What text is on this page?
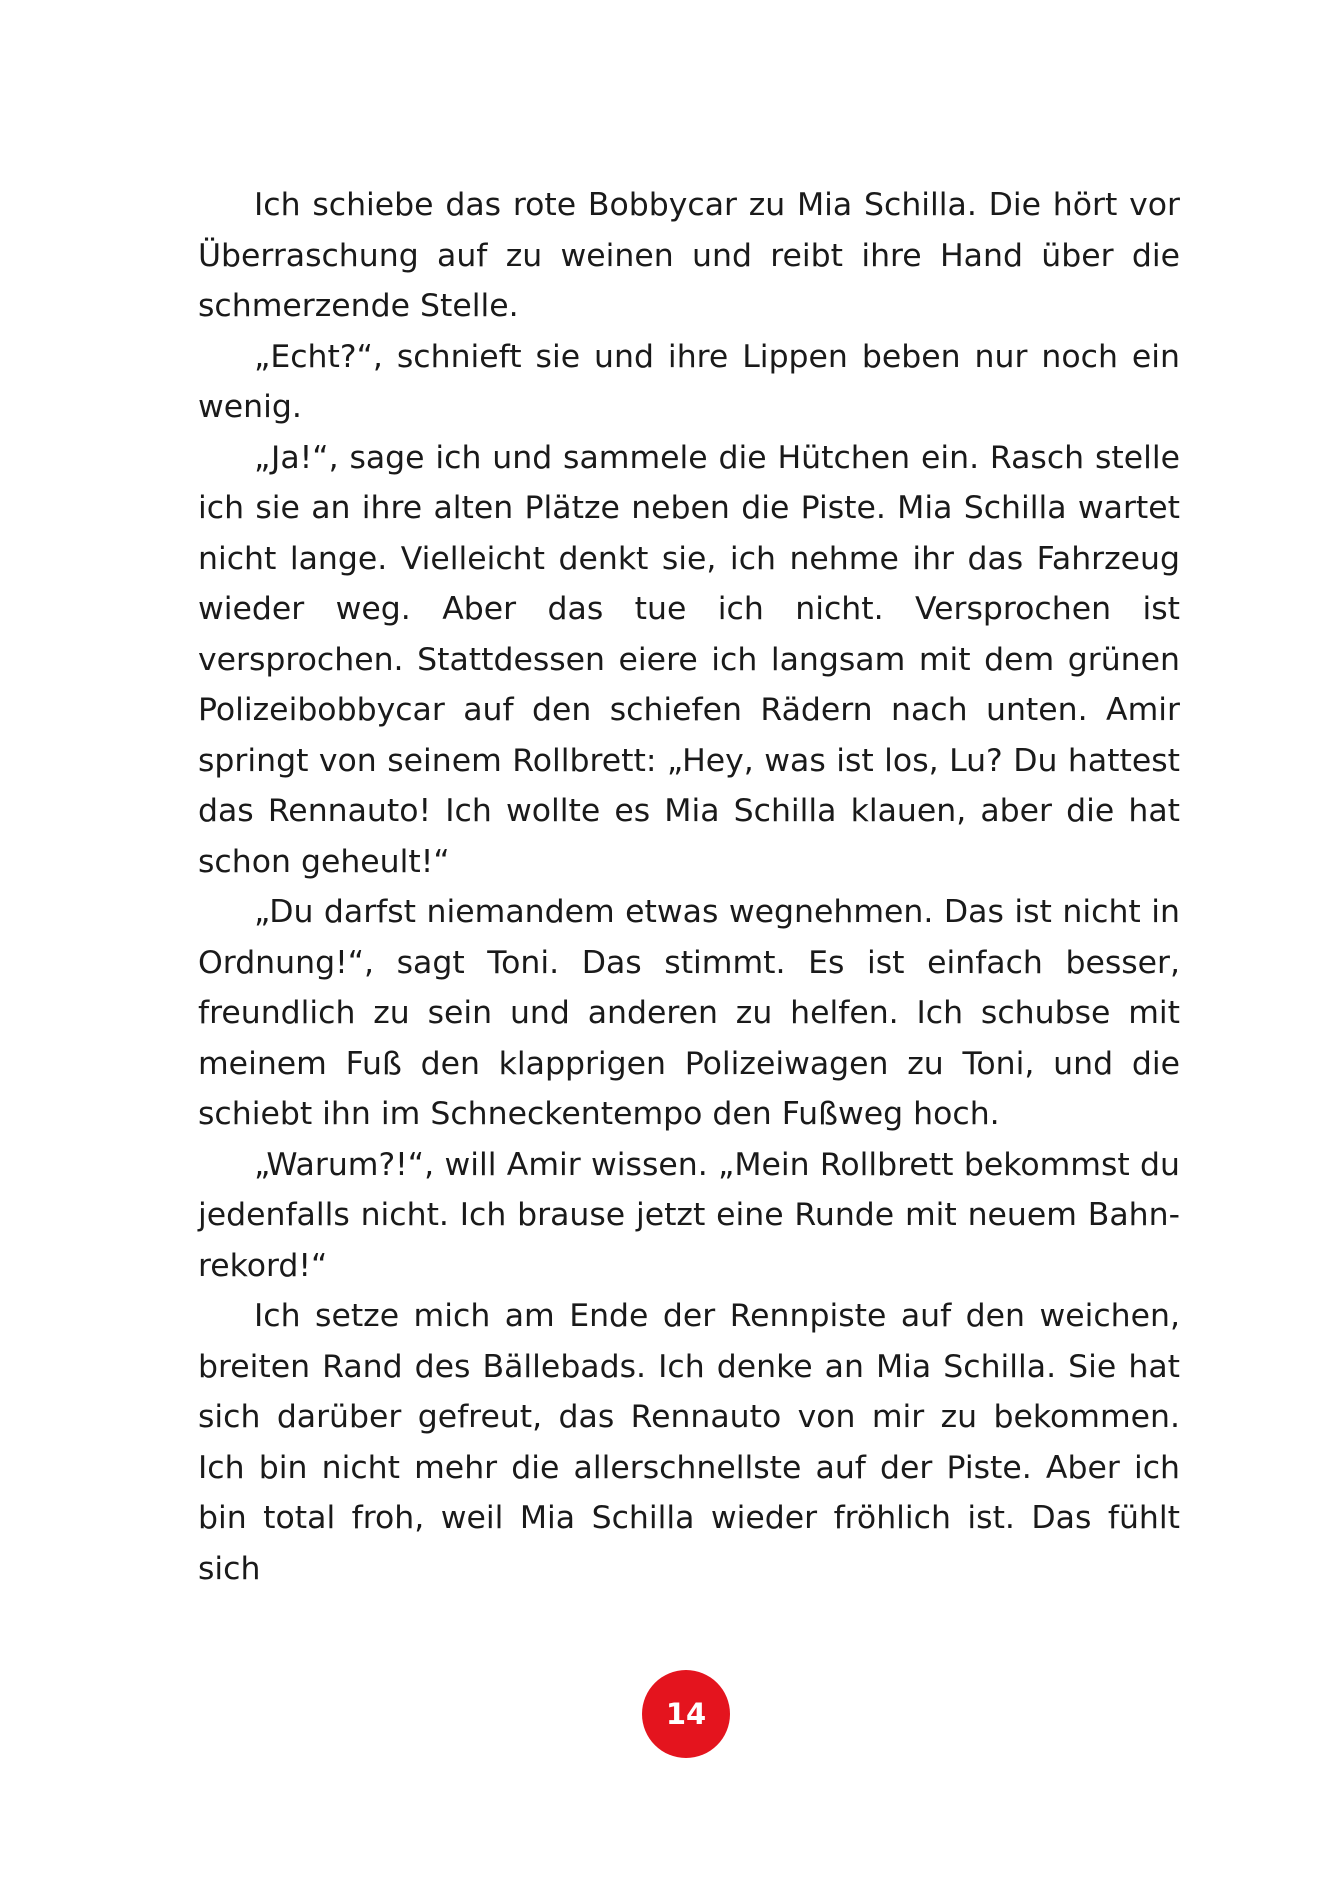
Ich schiebe das rote Bobbycar zu Mia Schilla. Die hört vor Überraschung auf zu weinen und reibt ihre Hand über die schmerzende Stelle.

„Echt?“, schnieft sie und ihre Lippen beben nur noch ein wenig.

„Ja!“, sage ich und sammele die Hütchen ein. Rasch stelle ich sie an ihre alten Plätze neben die Piste. Mia Schilla wartet nicht lange. Vielleicht denkt sie, ich nehme ihr das Fahrzeug wieder weg. Aber das tue ich nicht. Versprochen ist versprochen. Stattdessen eiere ich langsam mit dem grünen Polizeibobbycar auf den schiefen Rädern nach unten. Amir springt von seinem Rollbrett: „Hey, was ist los, Lu? Du hattest das Rennauto! Ich wollte es Mia Schilla klauen, aber die hat schon geheult!“

„Du darfst niemandem etwas wegnehmen. Das ist nicht in Ordnung!“, sagt Toni. Das stimmt. Es ist einfach besser, freundlich zu sein und anderen zu helfen. Ich schubse mit meinem Fuß den klapprigen Polizeiwagen zu Toni, und die schiebt ihn im Schneckentempo den Fußweg hoch.

„Warum?!“, will Amir wissen. „Mein Rollbrett bekommst du jedenfalls nicht. Ich brause jetzt eine Runde mit neuem Bahnrekord!“

Ich setze mich am Ende der Rennpiste auf den weichen, breiten Rand des Bällebads. Ich denke an Mia Schilla. Sie hat sich darüber gefreut, das Rennauto von mir zu bekommen. Ich bin nicht mehr die allerschnellste auf der Piste. Aber ich bin total froh, weil Mia Schilla wieder fröhlich ist. Das fühlt sich

14
